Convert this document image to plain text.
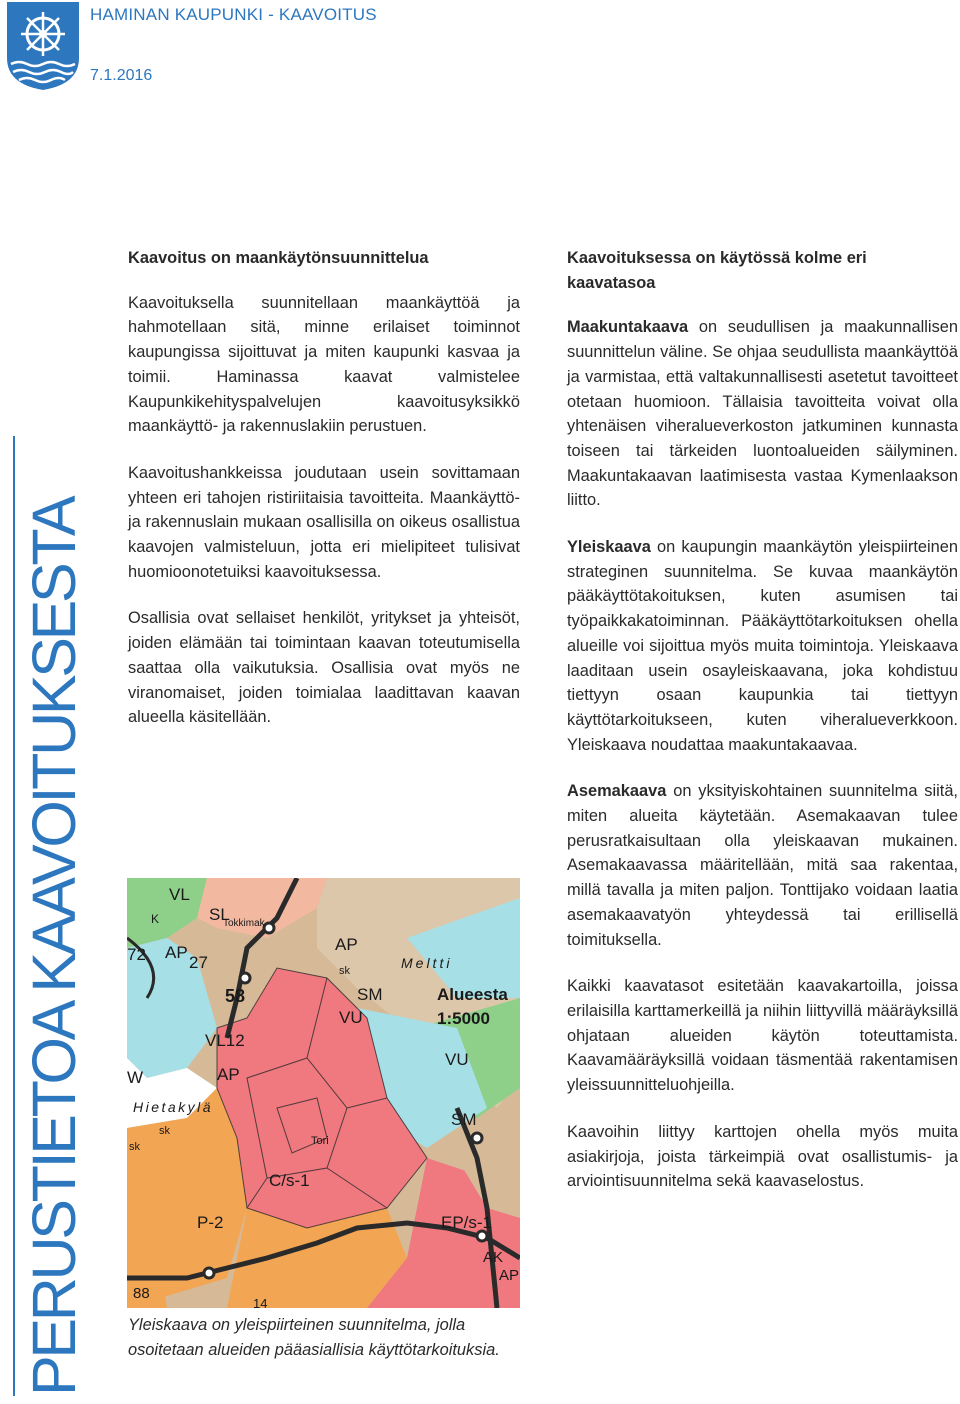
HAMINAN KAUPUNKI - KAAVOITUS
7.1.2016
PERUSTIETOA KAAVOITUKSESTA

Kaavoitus on maankäytönsuunnittelua

Kaavoituksella suunnitellaan maankäyttöä ja hahmotellaan sitä, minne erilaiset toiminnot kaupungissa sijoittuvat ja miten kaupunki kasvaa ja toimii. Haminassa kaavat valmistelee Kaupunkikehityspalvelujen kaavoitusyksikkö maankäyttö- ja rakennuslakiin perustuen.

Kaavoitushankkeissa joudutaan usein sovittamaan yhteen eri tahojen ristiriitaisia tavoitteita. Maankäyttö- ja rakennuslain mukaan osallisilla on oikeus osallistua kaavojen valmisteluun, jotta eri mielipiteet tulisivat huomioonotetuiksi kaavoituksessa.

Osallisia ovat sellaiset henkilöt, yritykset ja yhteisöt, joiden elämään tai toimintaan kaavan toteutumisella saattaa olla vaikutuksia. Osallisia ovat myös ne viranomaiset, joiden toimialaa laadittavan kaavan alueella käsitellään.

VL
SL
K
72 AP
27
Tokkimak
AP
sk	Meltti
58	SM
VU
Alueesta
1:5000
VL12
AP
W
VU
Hietakylä
sk
sk	Tori
SM
C/s-1
P-2	EP/s-1
AK
AP
88
14
Yleiskaava on yleispiirteinen suunnitelma, jolla osoitetaan alueiden pääasiallisia käyttötarkoituksia.

Kaavoituksessa on käytössä kolme eri kaavatasoa

Maakuntakaava on seudullisen ja maakunnallisen suunnittelun väline. Se ohjaa seudullista maankäyttöä ja varmistaa, että valtakunnallisesti asetetut tavoitteet otetaan huomioon. Tällaisia tavoitteita voivat olla yhtenäisen viheralueverkoston jatkuminen kunnasta toiseen tai tärkeiden luontoalueiden säilyminen. Maakuntakaavan laatimisesta vastaa Kymenlaakson liitto.

Yleiskaava on kaupungin maankäytön yleispiirteinen strateginen suunnitelma. Se kuvaa maankäytön pääkäyttötakoituksen, kuten asumisen tai työpaikkakatoiminnan. Pääkäyttötarkoituksen ohella alueille voi sijoittua myös muita toimintoja. Yleiskaava laaditaan usein osayleiskaavana, joka kohdistuu tiettyyn osaan kaupunkia tai tiettyyn käyttötarkoitukseen, kuten viheralueverkkoon. Yleiskaava noudattaa maakuntakaavaa.

Asemakaava on yksityiskohtainen suunnitelma siitä, miten alueita käytetään. Asemakaavan tulee perusratkaisultaan olla yleiskaavan mukainen. Asemakaavassa määritellään, mitä saa rakentaa, millä tavalla ja miten paljon. Tonttijako voidaan laatia asemakaavatyön yhteydessä tai erillisellä toimituksella.

Kaikki kaavatasot esitetään kaavakartoilla, joissa erilaisilla karttamerkeillä ja niihin liittyvillä määräyksillä ohjataan alueiden käytön toteuttamista. Kaavamääräyksillä voidaan täsmentää rakentamisen yleissuunnitteluohjeilla.

Kaavoihin liittyy karttojen ohella myös muita asiakirjoja, joista tärkeimpiä ovat osallistumis- ja arviointisuunnitelma sekä kaavaselostus.
